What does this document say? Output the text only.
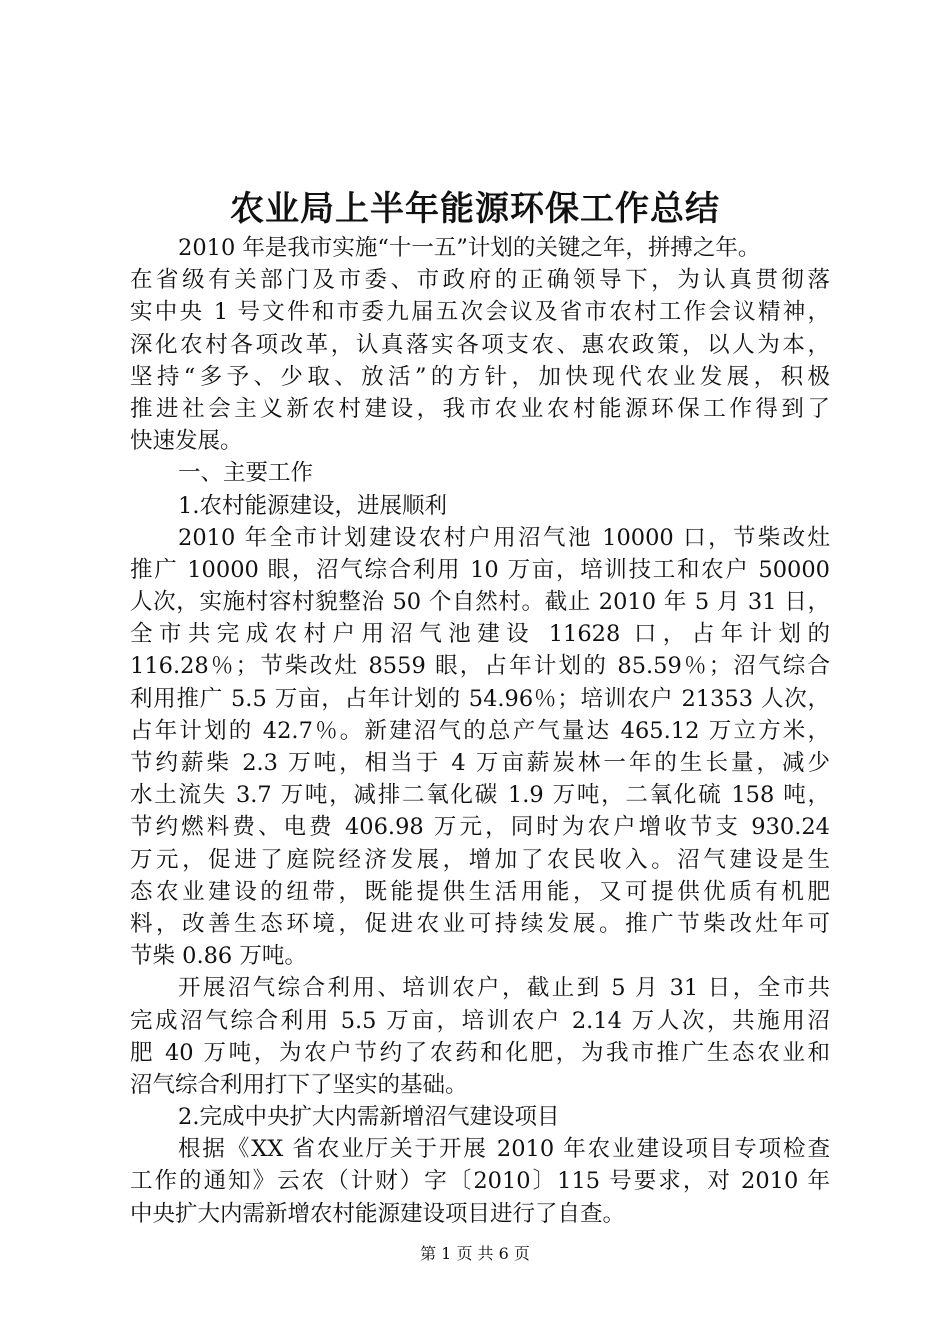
农业局上半年能源环保工作总结
2010 年是我市实施“十一五”计划的关键之年，拼搏之年。
在省级有关部门及市委、市政府的正确领导下，为认真贯彻落
实中央 1 号文件和市委九届五次会议及省市农村工作会议精神，
深化农村各项改革，认真落实各项支农、惠农政策，以人为本，
坚持“多予、少取、放活”的方针，加快现代农业发展，积极
推进社会主义新农村建设，我市农业农村能源环保工作得到了
快速发展。
一、主要工作
1.农村能源建设，进展顺利
2010 年全市计划建设农村户用沼气池 10000 口，节柴改灶
推广 10000 眼，沼气综合利用 10 万亩，培训技工和农户 50000
人次，实施村容村貌整治 50 个自然村。截止 2010 年 5 月 31 日，
全市共完成农村户用沼气池建设 11628 口，占年计划的
116.28％；节柴改灶 8559 眼，占年计划的 85.59％；沼气综合
利用推广 5.5 万亩，占年计划的 54.96％；培训农户 21353 人次，
占年计划的 42.7％。新建沼气的总产气量达 465.12 万立方米，
节约薪柴 2.3 万吨，相当于 4 万亩薪炭林一年的生长量，减少
水土流失 3.7 万吨，减排二氧化碳 1.9 万吨，二氧化硫 158 吨，
节约燃料费、电费 406.98 万元，同时为农户增收节支 930.24
万元，促进了庭院经济发展，增加了农民收入。沼气建设是生
态农业建设的纽带，既能提供生活用能，又可提供优质有机肥
料，改善生态环境，促进农业可持续发展。推广节柴改灶年可
节柴 0.86 万吨。
开展沼气综合利用、培训农户，截止到 5 月 31 日，全市共
完成沼气综合利用 5.5 万亩，培训农户 2.14 万人次，共施用沼
肥 40 万吨，为农户节约了农药和化肥，为我市推广生态农业和
沼气综合利用打下了坚实的基础。
2.完成中央扩大内需新增沼气建设项目
根据《XX 省农业厅关于开展 2010 年农业建设项目专项检查
工作的通知》云农（计财）字〔2010〕115 号要求，对 2010 年
中央扩大内需新增农村能源建设项目进行了自查。
第 1 页 共 6 页
